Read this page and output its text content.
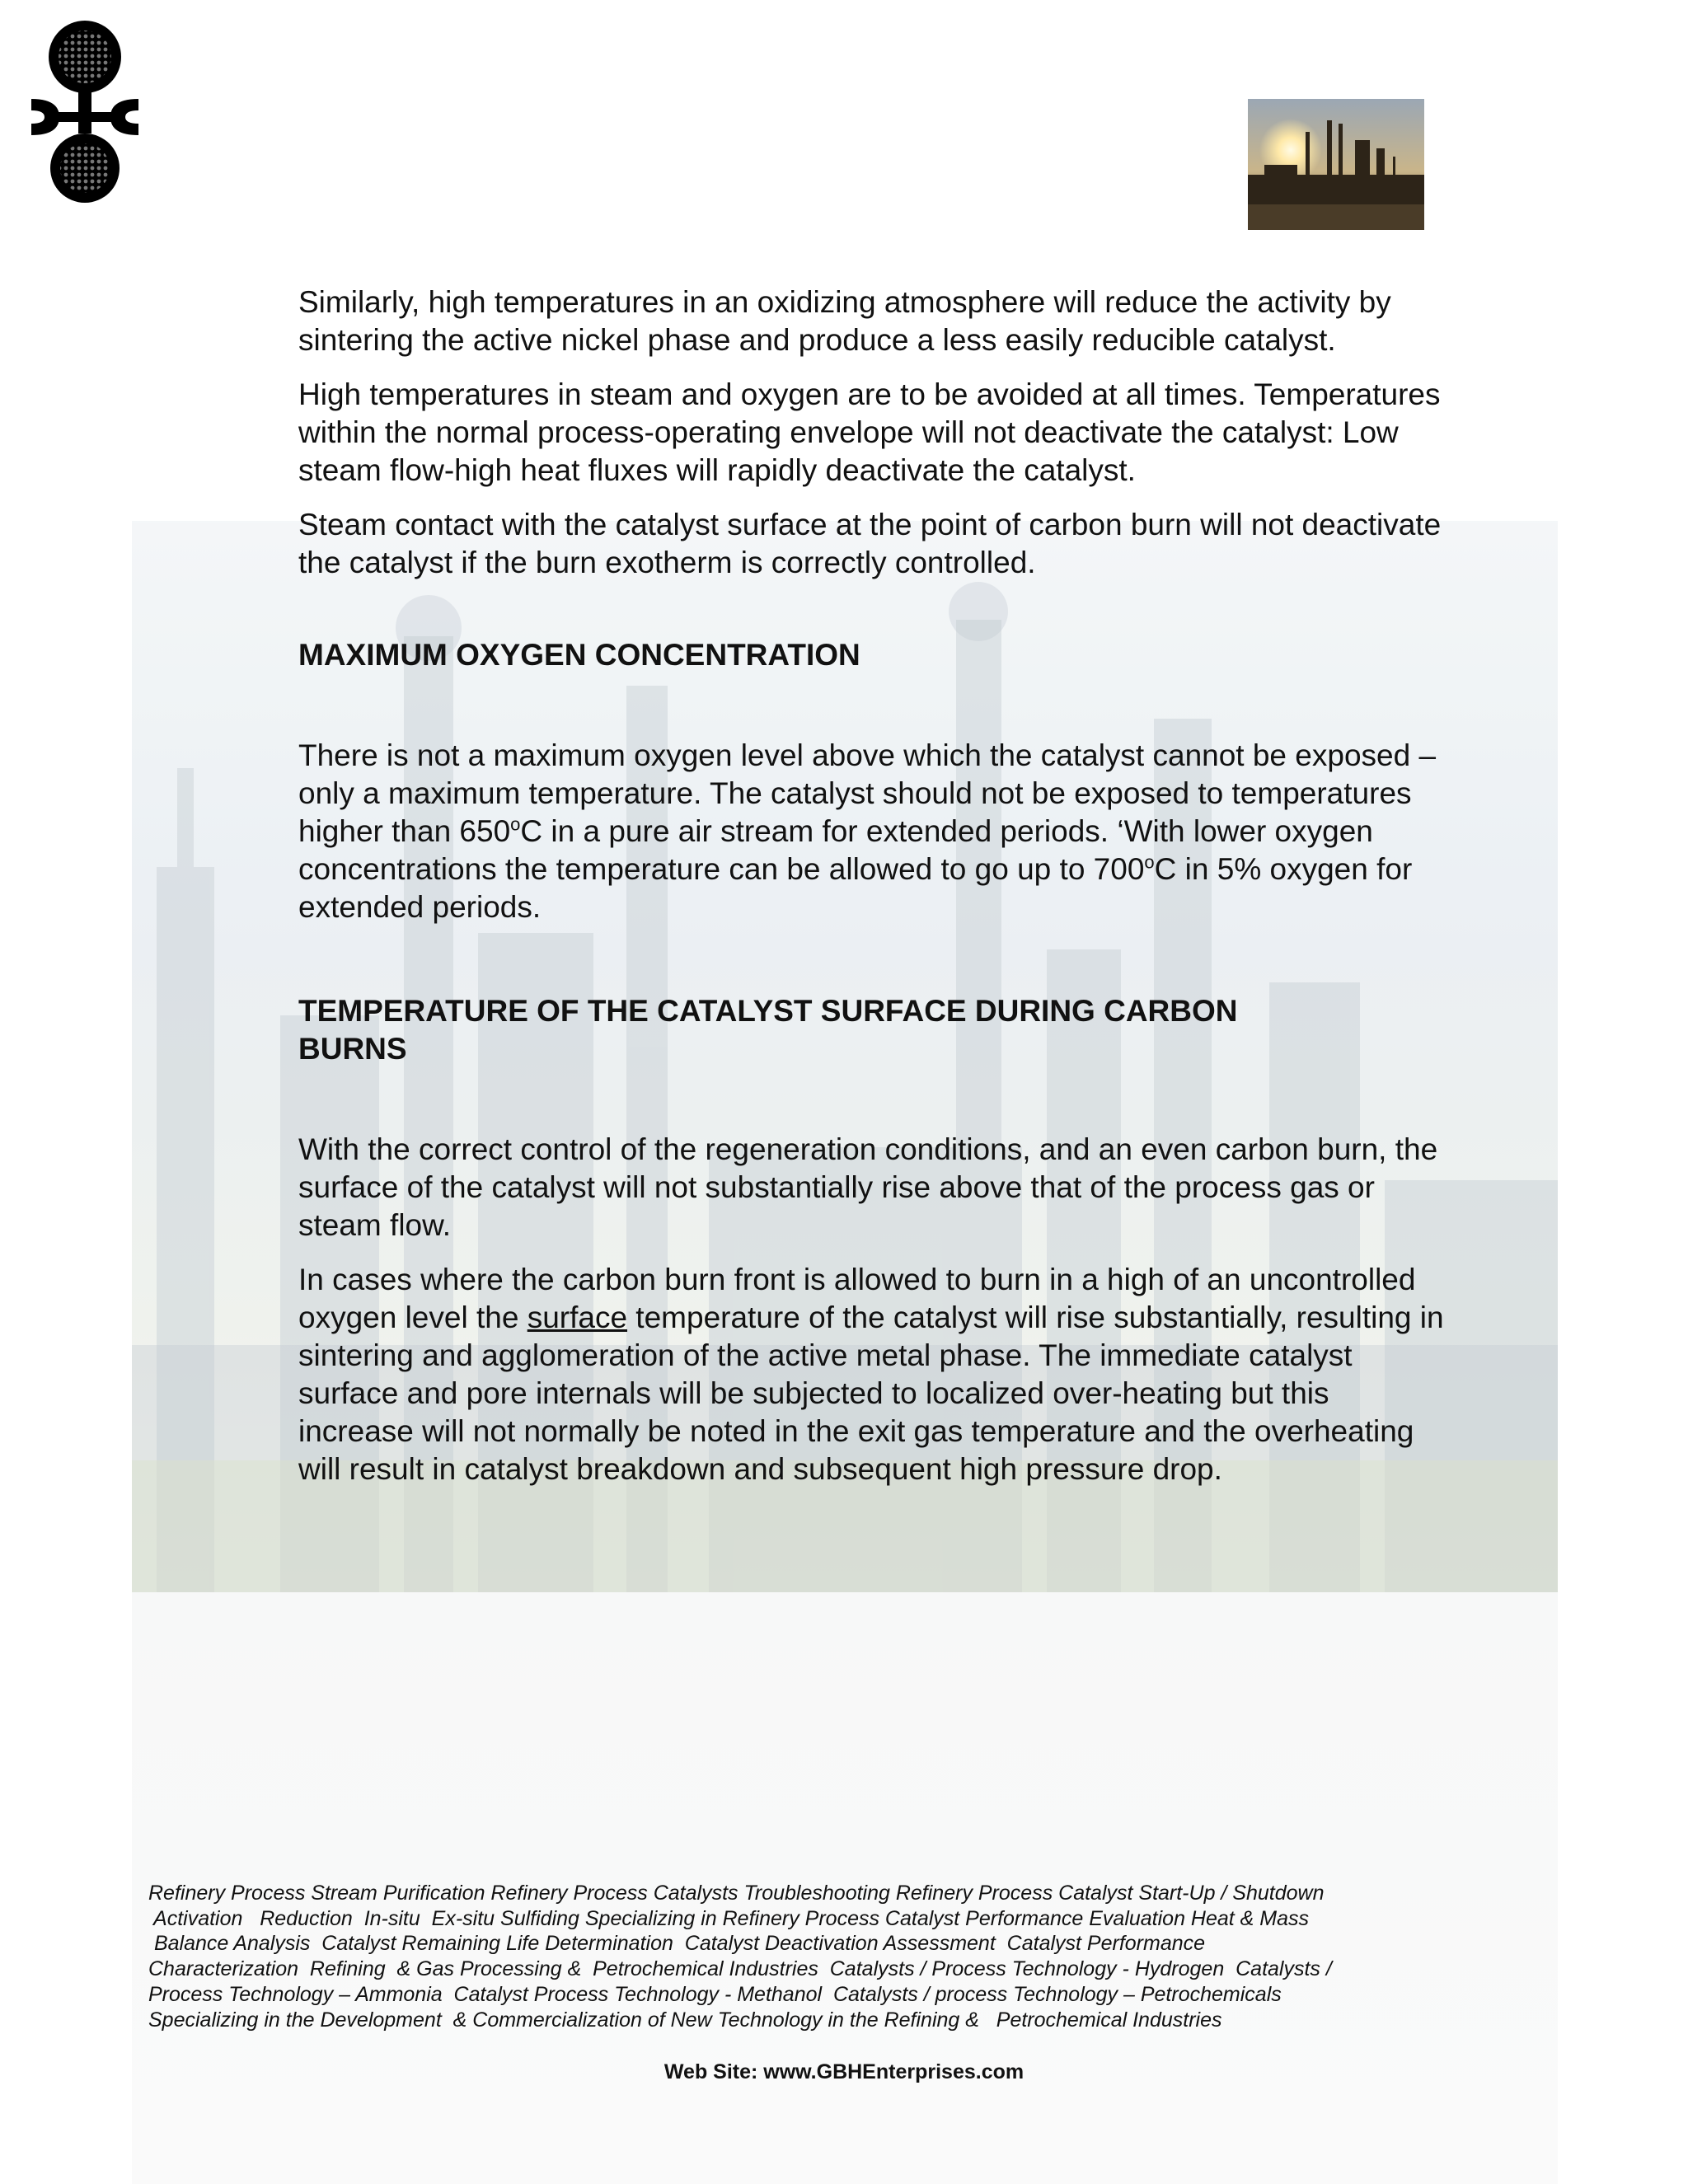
Similarly, high temperatures in an oxidizing atmosphere will reduce the activity by sintering the active nickel phase and produce a less easily reducible catalyst.

High temperatures in steam and oxygen are to be avoided at all times. Temperatures within the normal process-operating envelope will not deactivate the catalyst: Low steam flow-high heat fluxes will rapidly deactivate the catalyst.

Steam contact with the catalyst surface at the point of carbon burn will not deactivate the catalyst if the burn exotherm is correctly controlled.

MAXIMUM OXYGEN CONCENTRATION

There is not a maximum oxygen level above which the catalyst cannot be exposed – only a maximum temperature. The catalyst should not be exposed to temperatures higher than 650$^o$C in a pure air stream for extended periods. ‘With lower oxygen concentrations the temperature can be allowed to go up to 700$^o$C in 5% oxygen for extended periods.

TEMPERATURE OF THE CATALYST SURFACE DURING CARBON
BURNS

With the correct control of the regeneration conditions, and an even carbon burn, the surface of the catalyst will not substantially rise above that of the process gas or steam flow.

In cases where the carbon burn front is allowed to burn in a high of an uncontrolled oxygen level the surface temperature of the catalyst will rise substantially, resulting in sintering and agglomeration of the active metal phase. The immediate catalyst surface and pore internals will be subjected to localized over-heating but this increase will not normally be noted in the exit gas temperature and the overheating will result in catalyst breakdown and subsequent high pressure drop.

Refinery Process Stream Purification Refinery Process Catalysts Troubleshooting Refinery Process Catalyst Start-Up / Shutdown
Activation   Reduction  In-situ  Ex-situ Sulfiding Specializing in Refinery Process Catalyst Performance Evaluation Heat & Mass
Balance Analysis  Catalyst Remaining Life Determination  Catalyst Deactivation Assessment  Catalyst Performance
Characterization  Refining  & Gas Processing &  Petrochemical Industries  Catalysts / Process Technology - Hydrogen  Catalysts /
Process Technology – Ammonia  Catalyst Process Technology - Methanol  Catalysts / process Technology – Petrochemicals
Specializing in the Development  & Commercialization of New Technology in the Refining &   Petrochemical Industries
Web Site: www.GBHEnterprises.com
